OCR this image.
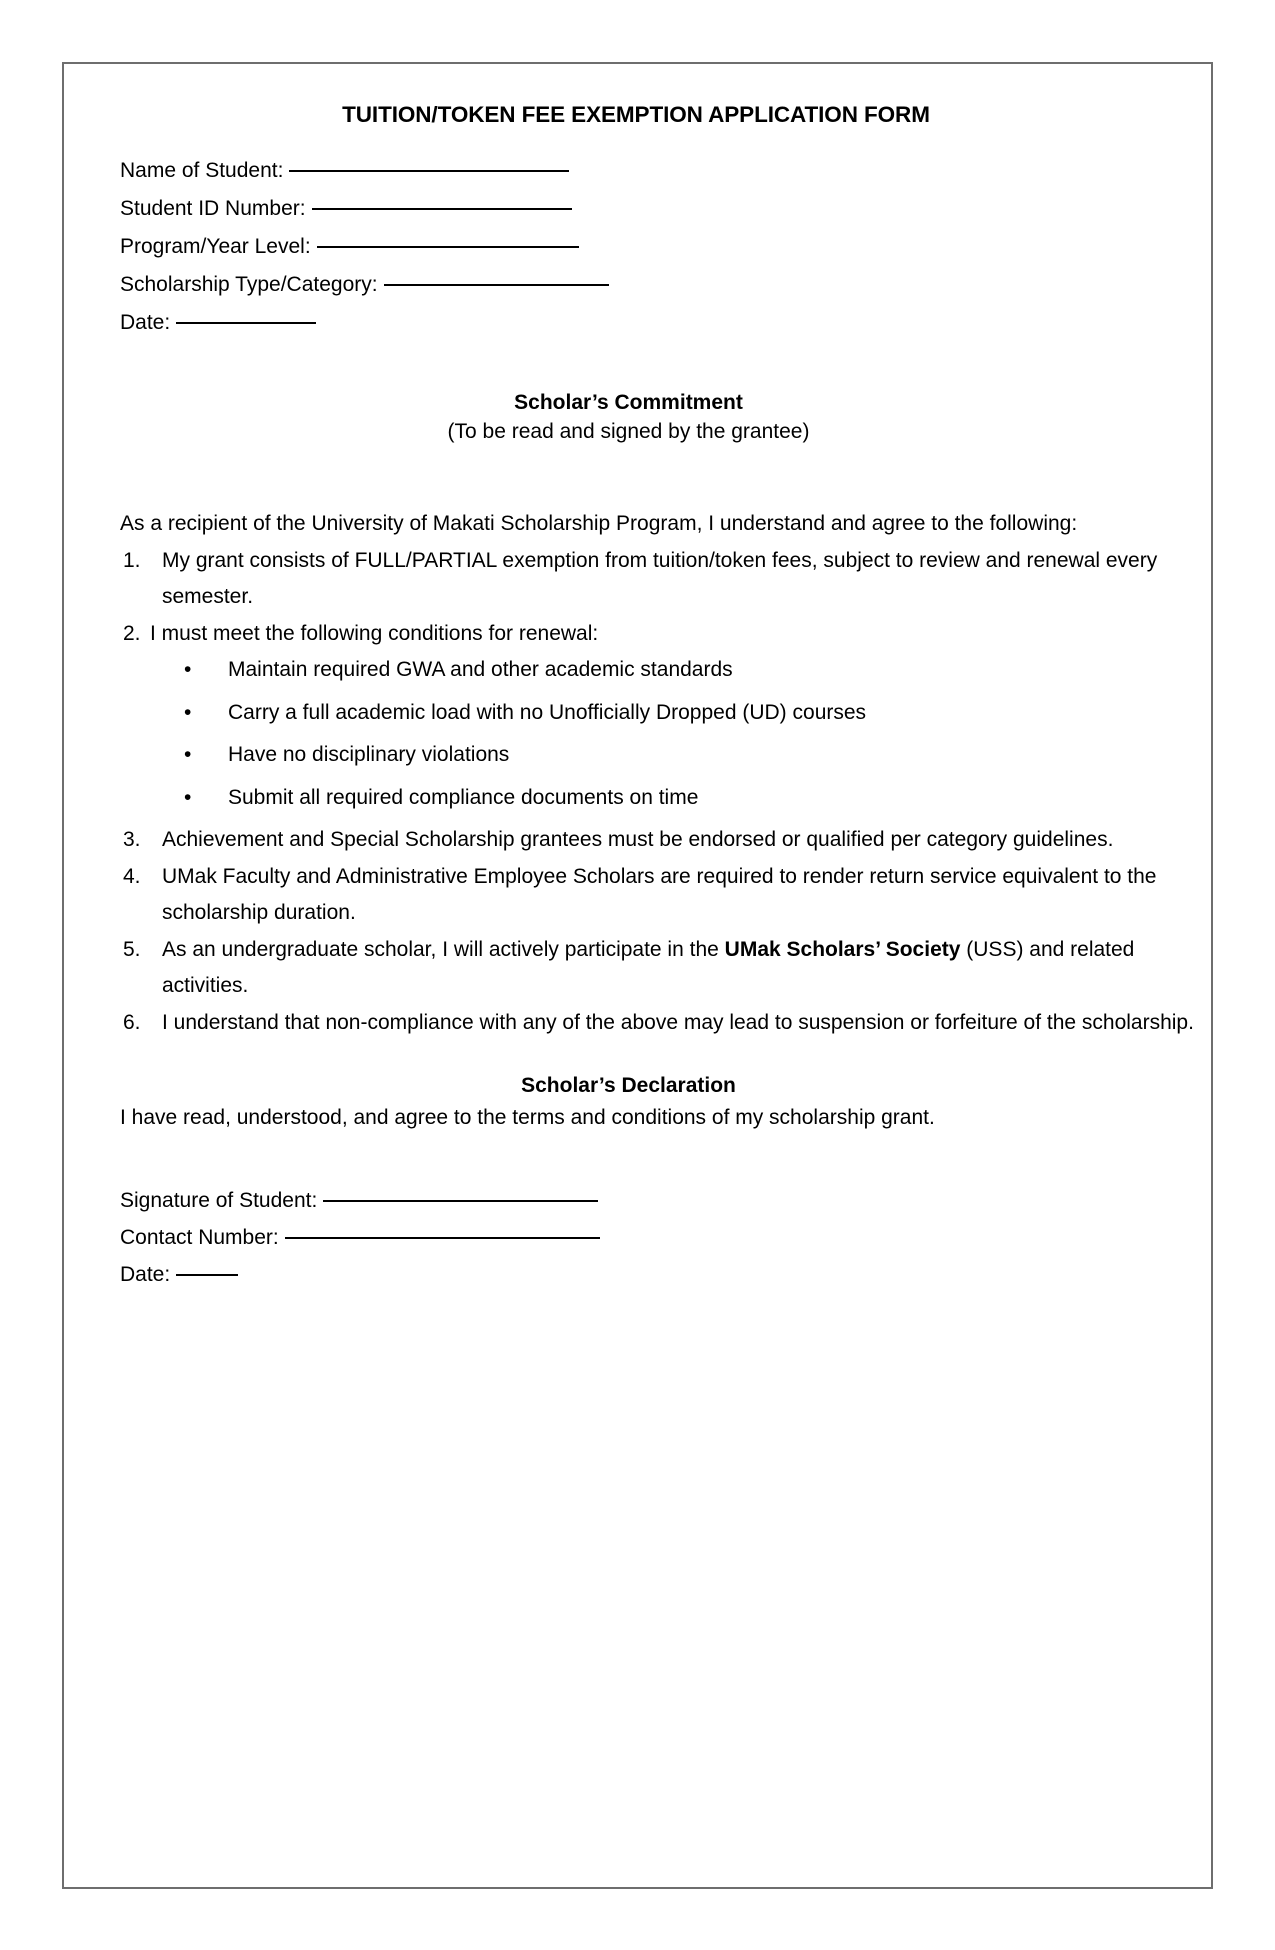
TUITION/TOKEN FEE EXEMPTION APPLICATION FORM
Name of Student:
Student ID Number:
Program/Year Level:
Scholarship Type/Category:
Date:
Scholar’s Commitment
(To be read and signed by the grantee)

As a recipient of the University of Makati Scholarship Program, I understand and agree to the following:

1.	My grant consists of FULL/PARTIAL exemption from tuition/token fees, subject to review and renewal every semester.
2. I must meet the following conditions for renewal:
• Maintain required GWA and other academic standards
• Carry a full academic load with no Unofficially Dropped (UD) courses
• Have no disciplinary violations
• Submit all required compliance documents on time
3.	Achievement and Special Scholarship grantees must be endorsed or qualified per category guidelines.
4.	UMak Faculty and Administrative Employee Scholars are required to render return service equivalent to the scholarship duration.
5.	As an undergraduate scholar, I will actively participate in the UMak Scholars’ Society (USS) and related activities.
6.	I understand that non-compliance with any of the above may lead to suspension or forfeiture of the scholarship.
Scholar’s Declaration

I have read, understood, and agree to the terms and conditions of my scholarship grant.

Signature of Student:
Contact Number:
Date:
